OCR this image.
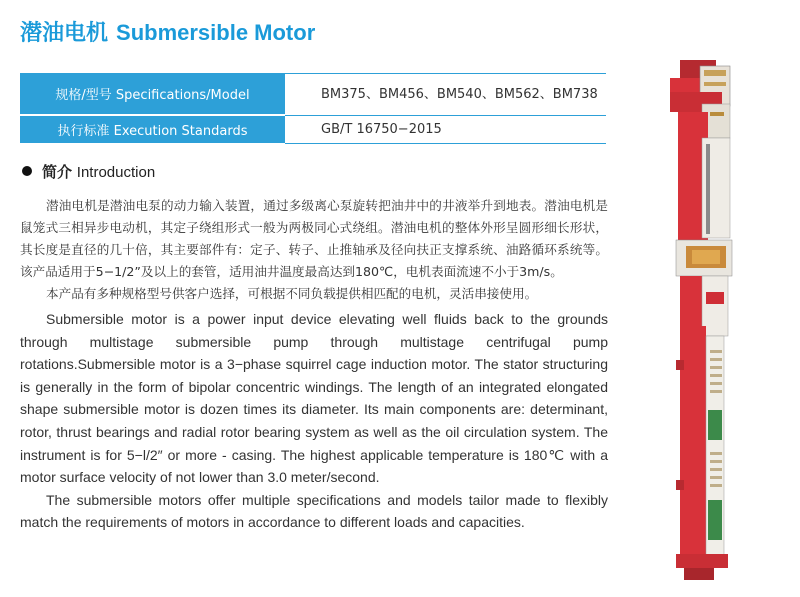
潜油电机 Submersible Motor
规格/型号 Specifications/Model	BM375、BM456、BM540、BM562、BM738
执行标准 Execution Standards	GB/T 16750−2015
简介 Introduction

潜油电机是潜油电泵的动力输入装置，通过多级离心泵旋转把油井中的井液举升到地表。潜油电机是鼠笼式三相异步电动机，其定子绕组形式一般为两极同心式绕组。潜油电机的整体外形呈圆形细长形状，其长度是直径的几十倍，其主要部件有：定子、转子、止推轴承及径向扶正支撑系统、油路循环系统等。该产品适用于5−1/2”及以上的套管，适用油井温度最高达到180℃，电机表面流速不小于3m/s。

本产品有多种规格型号供客户选择，可根据不同负载提供相匹配的电机，灵活串接使用。

Submersible motor is a power input device elevating well fluids back to the grounds through multistage submersible pump through multistage centrifugal pump rotations.Submersible motor is a 3−phase squirrel cage induction motor. The stator structuring is generally in the form of bipolar concentric windings. The length of an integrated elongated shape submersible motor is dozen times its diameter. Its main components are: determinant, rotor, thrust bearings and radial rotor bearing system as well as the oil circulation system. The instrument is for 5−l/2″ or more - casing. The highest applicable temperature is 180℃ with a motor surface velocity of not lower than 3.0 meter/second.

The submersible motors offer multiple specifications and models tailor made to flexibly match the requirements of motors in accordance to different loads and capacities.
